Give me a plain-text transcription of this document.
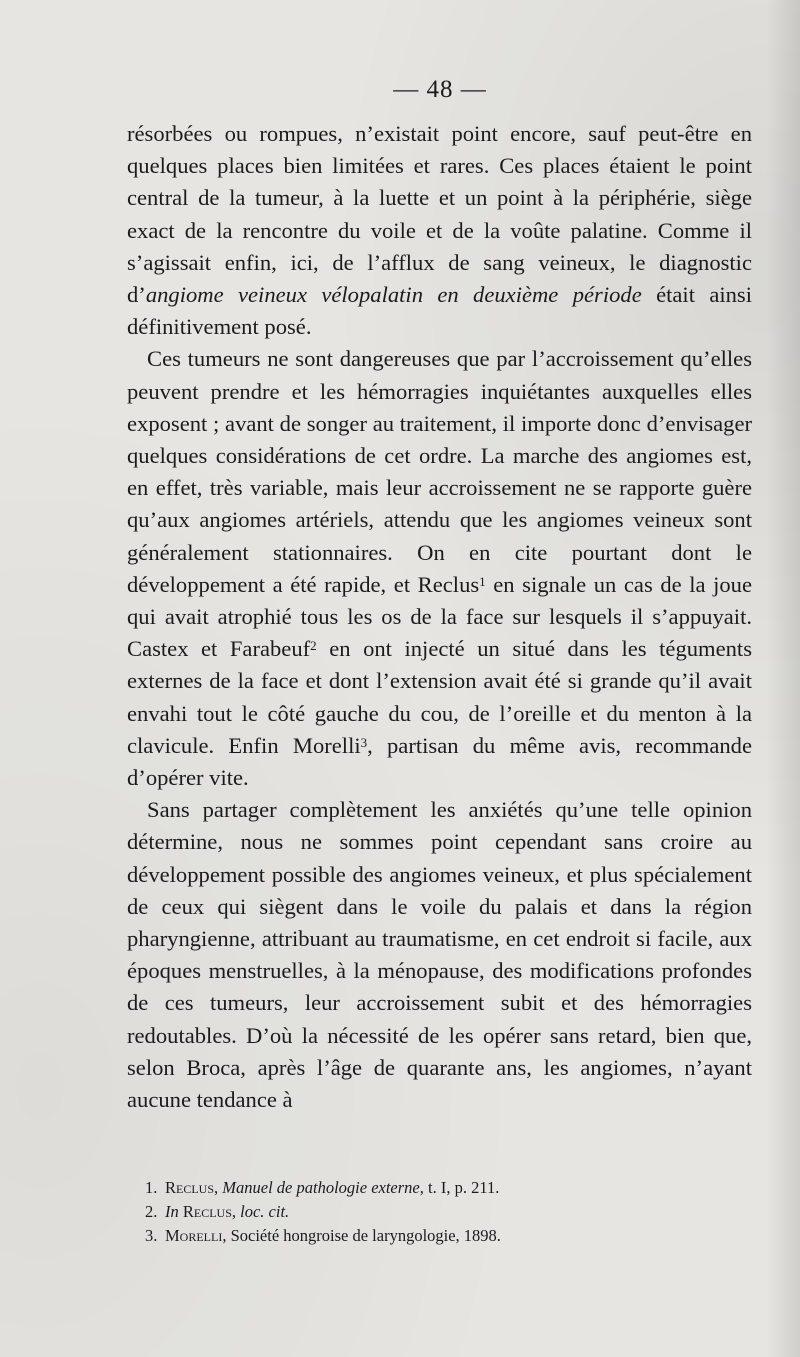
— 48 —

résorbées ou rompues, n’existait point encore, sauf peut-être en quelques places bien limitées et rares. Ces places étaient le point central de la tumeur, à la luette et un point à la périphérie, siège exact de la rencontre du voile et de la voûte palatine. Comme il s’agissait enfin, ici, de l’afflux de sang veineux, le diagnostic d’angiome veineux vélopalatin en deuxième période était ainsi définitivement posé.

Ces tumeurs ne sont dangereuses que par l’accroissement qu’elles peuvent prendre et les hémorragies inquiétantes auxquelles elles exposent ; avant de songer au traitement, il importe donc d’envisager quelques considérations de cet ordre. La marche des angiomes est, en effet, très variable, mais leur accroissement ne se rapporte guère qu’aux angiomes artériels, attendu que les angiomes veineux sont généralement stationnaires. On en cite pourtant dont le développement a été rapide, et Reclus$^1$ en signale un cas de la joue qui avait atrophié tous les os de la face sur lesquels il s’appuyait. Castex et Farabeuf$^2$ en ont injecté un situé dans les téguments externes de la face et dont l’extension avait été si grande qu’il avait envahi tout le côté gauche du cou, de l’oreille et du menton à la clavicule. Enfin Morelli$^3$, partisan du même avis, recommande d’opérer vite.

Sans partager complètement les anxiétés qu’une telle opinion détermine, nous ne sommes point cependant sans croire au développement possible des angiomes veineux, et plus spécialement de ceux qui siègent dans le voile du palais et dans la région pharyngienne, attribuant au traumatisme, en cet endroit si facile, aux époques menstruelles, à la ménopause, des modifications profondes de ces tumeurs, leur accroissement subit et des hémorragies redoutables. D’où la nécessité de les opérer sans retard, bien que, selon Broca, après l’âge de quarante ans, les angiomes, n’ayant aucune tendance à

1. Reclus, Manuel de pathologie externe, t. I, p. 211.

2. In Reclus, loc. cit.

3. Morelli, Société hongroise de laryngologie, 1898.
